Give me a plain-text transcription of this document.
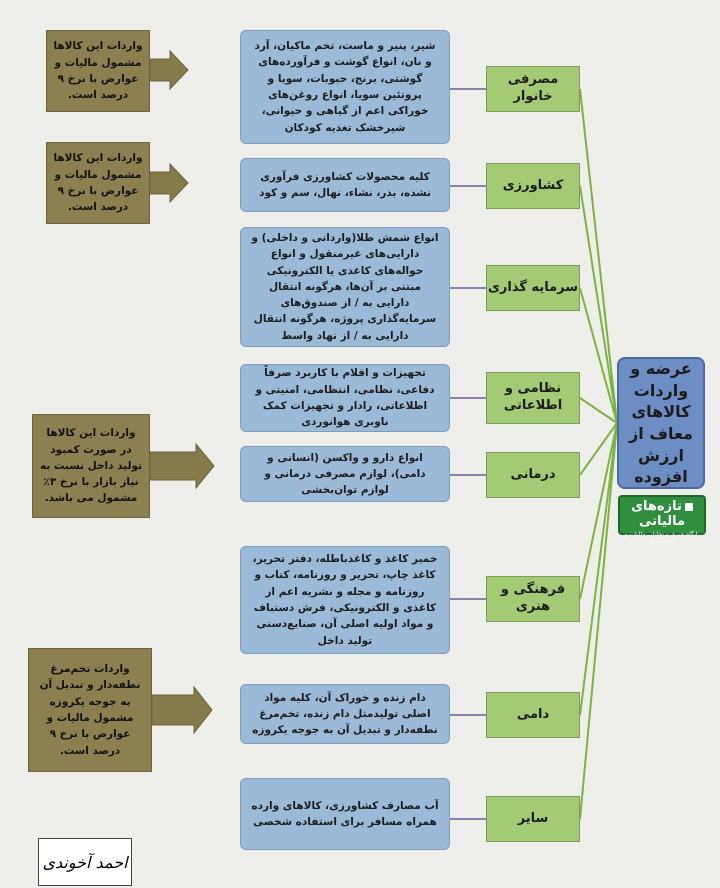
عرضه و واردات کالاهای معاف از ارزش افزوده
تازه‌های مالیاتی
پایگاه خبری و تحلیلی مالیات و حسابداری
مصرفی خانوار
کشاورزی
سرمایه گذاری
نظامی و اطلاعاتی
درمانی
فرهنگی و هنری
دامی
سایر
شیر، پنیر و ماست، تخم ماکیان، آرد و نان، انواع گوشت و فرآورده‌های گوشتی، برنج، حبوبات، سویا و پروتئین سویا، انواع روغن‌های خوراکی اعم از گیاهی و حیوانی، شیرخشک تغذیه کودکان
کلیه محصولات کشاورزی فرآوری نشده، بذر، نشاء، نهال، سم و کود
انواع شمش طلا(وارداتی و داخلی) و دارایی‌های غیرمنقول و انواع حواله‌های کاغذی یا الکترونیکی مبتنی بر آن‌ها، هرگونه انتقال دارایی به / از صندوق‌های سرمایه‌گذاری پروژه، هرگونه انتقال دارایی به / از نهاد واسط
تجهیزات و اقلام با کاربرد صرفاً دفاعی، نظامی، انتظامی، امنیتی و اطلاعاتی، رادار و تجهیزات کمک ناوبری هوانوردی
انواع دارو و واکسن (انسانی و دامی)، لوازم مصرفی درمانی و لوازم توان‌بخشی
خمیر کاغذ و کاغذباطله، دفتر تحریر، کاغذ چاپ، تحریر و روزنامه، کتاب و روزنامه و مجله و نشریه اعم از کاغذی و الکترونیکی، فرش دستباف و مواد اولیه اصلی آن، صنایع‌دستی تولید داخل
دام زنده و خوراک آن، کلیه مواد اصلی تولیدمثل دام زنده، تخم‌مرغ نطفه‌دار و تبدیل آن به جوجه یکروزه
آب مصارف کشاورزی، کالاهای وارده همراه مسافر برای استفاده شخصی
واردات این کالاها مشمول مالیات و عوارض با نرخ ۹ درصد است.
واردات این کالاها مشمول مالیات و عوارض با نرخ ۹ درصد است.
واردات این کالاها در صورت کمبود تولید داخل نسبت به نیاز بازار با نرخ ۳٪ مشمول می باشد.
واردات تخم‌مرغ نطفه‌دار و تبدیل آن به جوجه یکروزه مشمول مالیات و عوارض با نرخ ۹ درصد است.
احمد آخوندی
